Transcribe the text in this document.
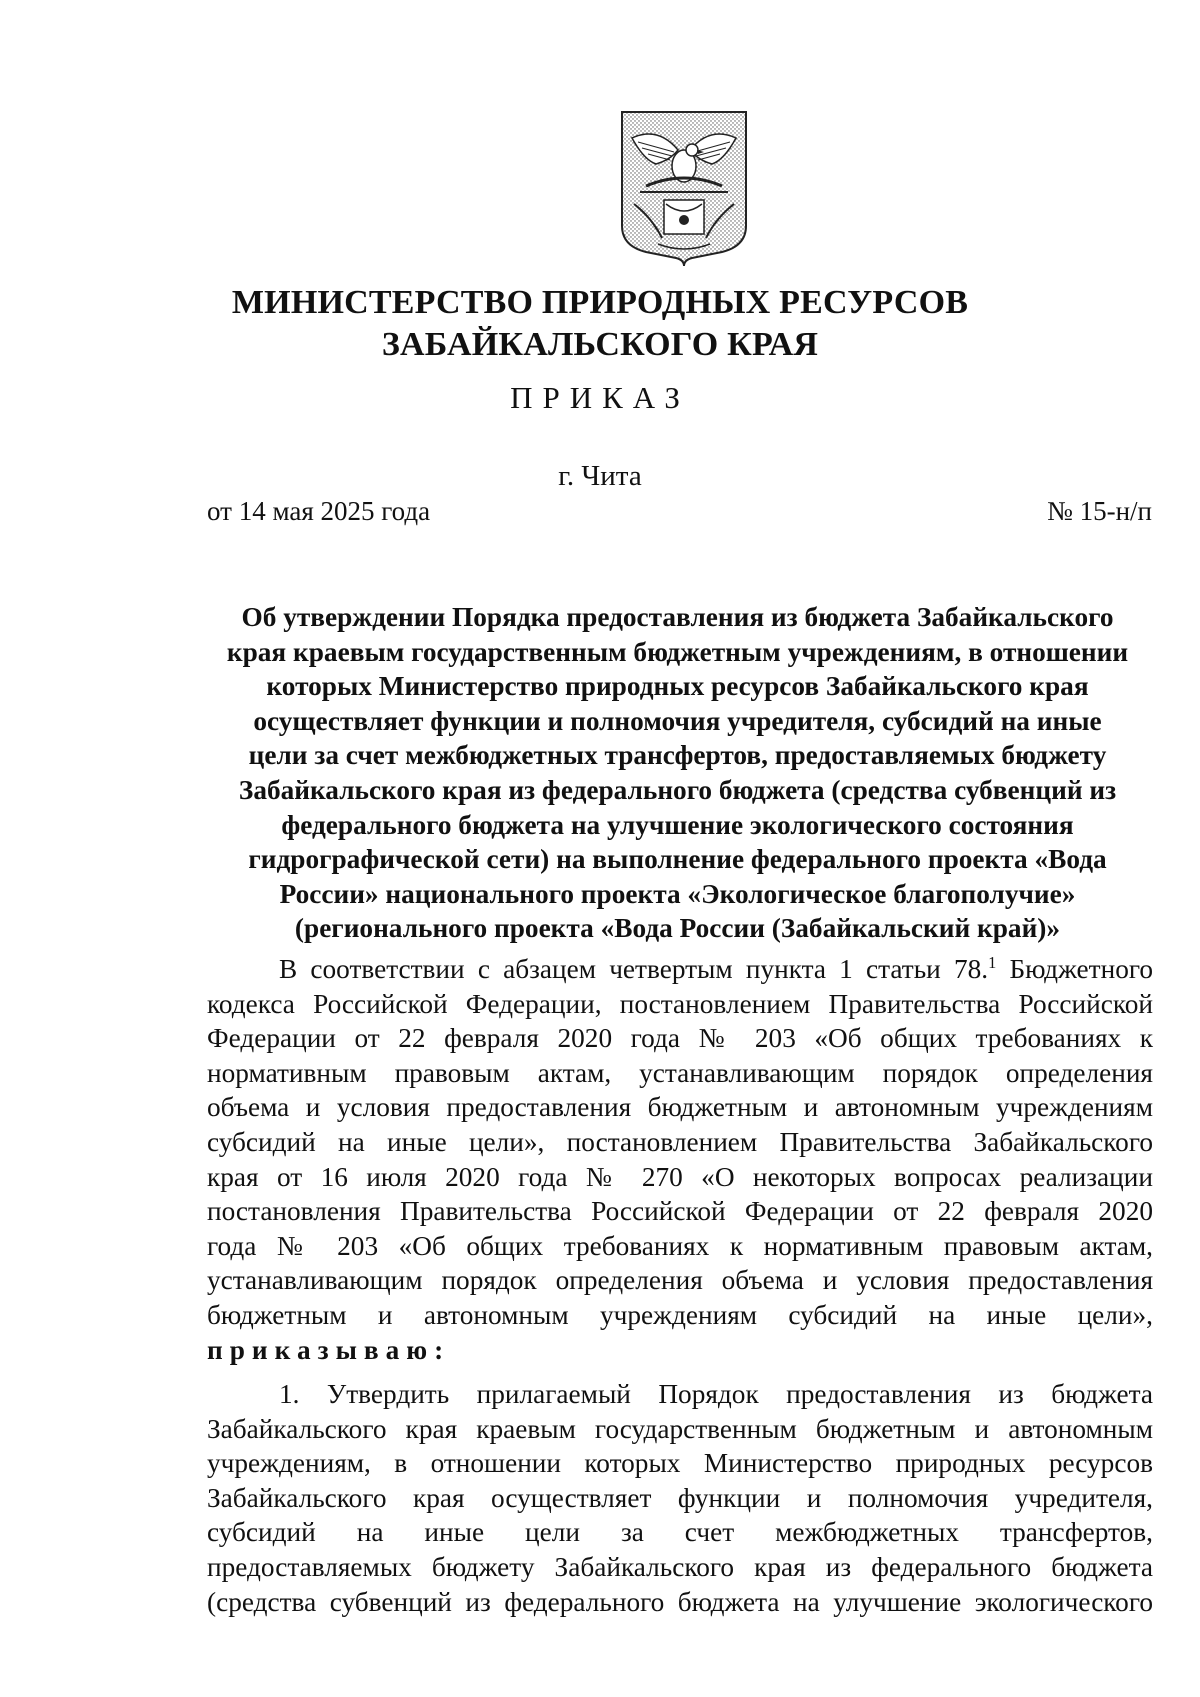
МИНИСТЕРСТВО ПРИРОДНЫХ РЕСУРСОВ
ЗАБАЙКАЛЬСКОГО КРАЯ
ПРИКАЗ
г. Чита
от 14 мая 2025 года	№ 15-н/п
Об утверждении Порядка предоставления из бюджета Забайкальского
края краевым государственным бюджетным учреждениям, в отношении
которых Министерство природных ресурсов Забайкальского края
осуществляет функции и полномочия учредителя, субсидий на иные
цели за счет межбюджетных трансфертов, предоставляемых бюджету
Забайкальского края из федерального бюджета (средства субвенций из
федерального бюджета на улучшение экологического состояния
гидрографической сети) на выполнение федерального проекта «Вода
России» национального проекта «Экологическое благополучие»
(регионального проекта «Вода России (Забайкальский край)»
В соответствии с абзацем четвертым пункта 1 статьи 78.$^1$ Бюджетного
кодекса Российской Федерации, постановлением Правительства Российской
Федерации от 22 февраля 2020 года № 203 «Об общих требованиях к
нормативным правовым актам, устанавливающим порядок определения
объема и условия предоставления бюджетным и автономным учреждениям
субсидий на иные цели», постановлением Правительства Забайкальского
края от 16 июля 2020 года № 270 «О некоторых вопросах реализации
постановления Правительства Российской Федерации от 22 февраля 2020
года № 203 «Об общих требованиях к нормативным правовым актам,
устанавливающим порядок определения объема и условия предоставления
бюджетным и автономным учреждениям субсидий на иные цели»,
приказываю:
1. Утвердить прилагаемый Порядок предоставления из бюджета
Забайкальского края краевым государственным бюджетным и автономным
учреждениям, в отношении которых Министерство природных ресурсов
Забайкальского края осуществляет функции и полномочия учредителя,
субсидий на иные цели за счет межбюджетных трансфертов,
предоставляемых бюджету Забайкальского края из федерального бюджета
(средства субвенций из федерального бюджета на улучшение экологического
